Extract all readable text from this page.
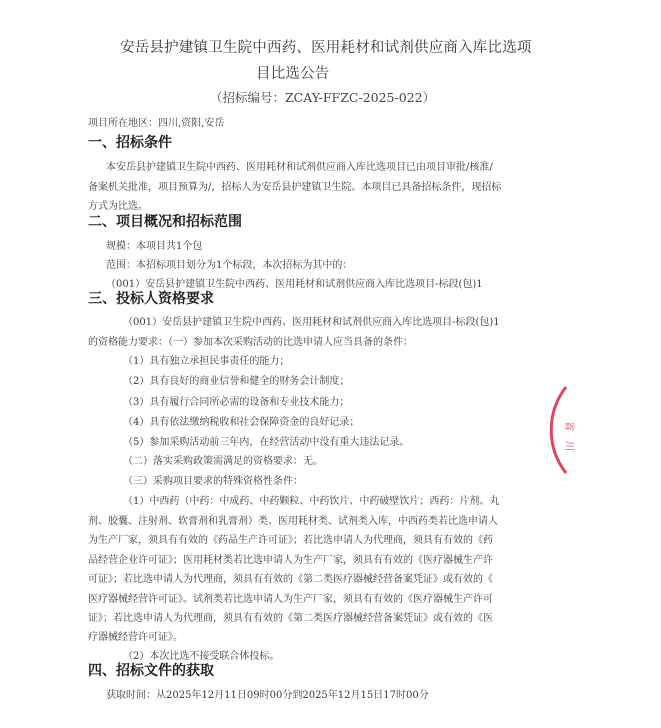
安岳县护建镇卫生院中西药、医用耗材和试剂供应商入库比选项
目比选公告
（招标编号：ZCAY-FFZC-2025-022）
项目所在地区：四川,资阳,安岳
一、招标条件
本安岳县护建镇卫生院中西药、医用耗材和试剂供应商入库比选项目已由项目审批/核准/
备案机关批准，项目预算为/，招标人为安岳县护建镇卫生院。本项目已具备招标条件，现招标
方式为比选。
二、项目概况和招标范围
规模：本项目共1个包
范围：本招标项目划分为1个标段，本次招标为其中的：
（001）安岳县护建镇卫生院中西药、医用耗材和试剂供应商入库比选项目-标段(包)1
三、投标人资格要求
（001）安岳县护建镇卫生院中西药、医用耗材和试剂供应商入库比选项目-标段(包)1
的资格能力要求：（一）参加本次采购活动的比选申请人应当具备的条件：
（1）具有独立承担民事责任的能力；
（2）具有良好的商业信誉和健全的财务会计制度；
（3）具有履行合同所必需的设备和专业技术能力；
（4）具有依法缴纳税收和社会保障资金的良好记录；
（5）参加采购活动前三年内，在经营活动中没有重大违法记录。
（二）落实采购政策需满足的资格要求：无。
（三）采购项目要求的特殊资格性条件：
（1）中西药（中药：中成药、中药颗粒、中药饮片、中药破壁饮片；西药：片剂、丸
剂、胶囊、注射剂、软膏剂和乳膏剂）类、医用耗材类、试剂类入库，中西药类若比选申请人
为生产厂家，须具有有效的《药品生产许可证》；若比选申请人为代理商，须具有有效的《药
品经营企业许可证》；医用耗材类若比选申请人为生产厂家，须具有有效的《医疗器械生产许
可证》；若比选申请人为代理商，须具有有效的《第二类医疗器械经营备案凭证》或有效的《
医疗器械经营许可证》。试剂类若比选申请人为生产厂家，须具有有效的《医疗器械生产许可
证》；若比选申请人为代理商，须具有有效的《第二类医疗器械经营备案凭证》或有效的《医
疗器械经营许可证》。
（2）本次比选不接受联合体投标。
四、招标文件的获取
获取时间：从2025年12月11日09时00分到2025年12月15日17时00分
省
川
